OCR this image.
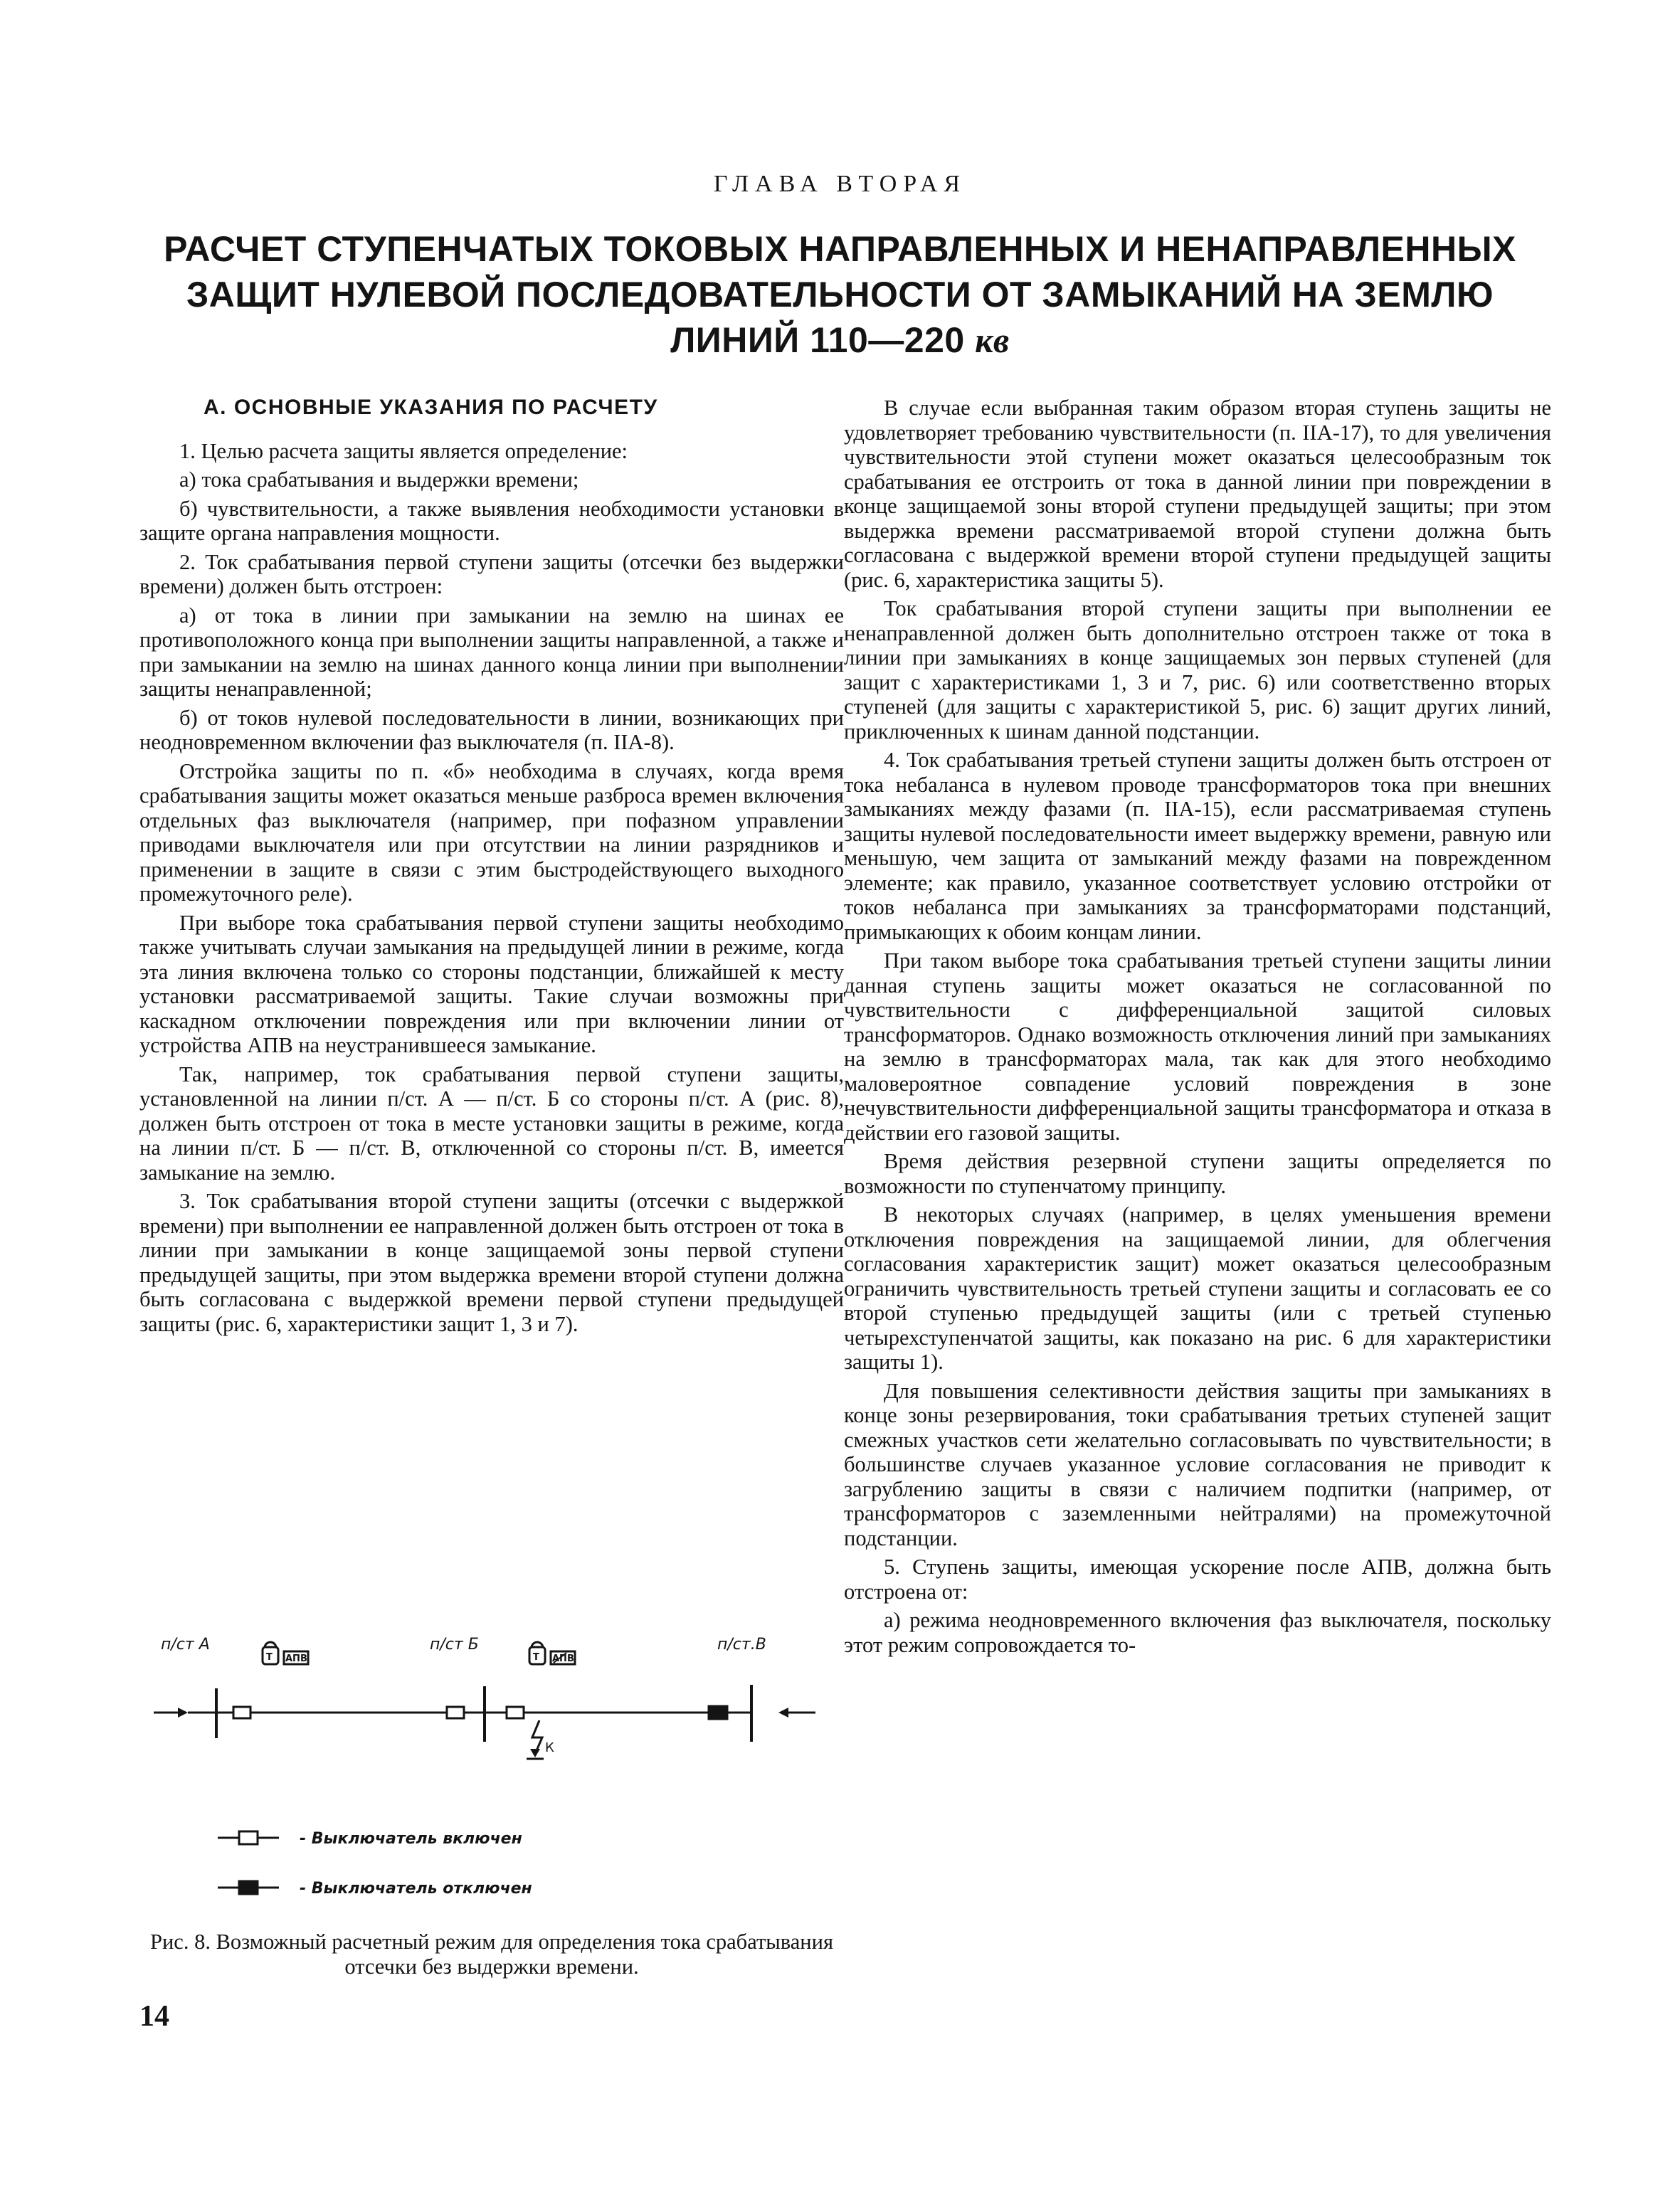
ГЛАВА ВТОРАЯ
РАСЧЕТ СТУПЕНЧАТЫХ ТОКОВЫХ НАПРАВЛЕННЫХ И НЕНАПРАВЛЕННЫХ
ЗАЩИТ НУЛЕВОЙ ПОСЛЕДОВАТЕЛЬНОСТИ ОТ ЗАМЫКАНИЙ НА ЗЕМЛЮ
ЛИНИЙ 110—220 кв
А. ОСНОВНЫЕ УКАЗАНИЯ ПО РАСЧЕТУ

1. Целью расчета защиты является определение:

а) тока срабатывания и выдержки времени;

б) чувствительности, а также выявления необходимости установки в защите органа направления мощности.

2. Ток срабатывания первой ступени защиты (отсечки без выдержки времени) должен быть отстроен:

а) от тока в линии при замыкании на землю на шинах ее противоположного конца при выполнении защиты направленной, а также и при замыкании на землю на шинах данного конца линии при выполнении защиты ненаправленной;

б) от токов нулевой последовательности в линии, возникающих при неодновременном включении фаз выключателя (п. IIA-8).

Отстройка защиты по п. «б» необходима в случаях, когда время срабатывания защиты может оказаться меньше разброса времен включения отдельных фаз выключателя (например, при пофазном управлении приводами выключателя или при отсутствии на линии разрядников и применении в защите в связи с этим быстродействующего выходного промежуточного реле).

При выборе тока срабатывания первой ступени защиты необходимо также учитывать случаи замыкания на предыдущей линии в режиме, когда эта линия включена только со стороны подстанции, ближайшей к месту установки рассматриваемой защиты. Такие случаи возможны при каскадном отключении повреждения или при включении линии от устройства АПВ на неустранившееся замыкание.

Так, например, ток срабатывания первой ступени защиты, установленной на линии п/ст. А — п/ст. Б со стороны п/ст. А (рис. 8), должен быть отстроен от тока в месте установки защиты в режиме, когда на линии п/ст. Б — п/ст. В, отключенной со стороны п/ст. В, имеется замыкание на землю.

3. Ток срабатывания второй ступени защиты (отсечки с выдержкой времени) при выполнении ее направленной должен быть отстроен от тока в линии при замыкании в конце защищаемой зоны первой ступени предыдущей защиты, при этом выдержка времени второй ступени должна быть согласована с выдержкой времени первой ступени предыдущей защиты (рис. 6, характеристики защит 1, 3 и 7).

п/ст А	п/ст Б	п/ст.В
Т АПВ	Т АПВ
К
- Выключатель включен
- Выключатель отключен
Рис. 8. Возможный расчетный режим для определения тока срабатывания отсечки без выдержки времени.

В случае если выбранная таким образом вторая ступень защиты не удовлетворяет требованию чувствительности (п. IIA-17), то для увеличения чувствительности этой ступени может оказаться целесообразным ток срабатывания ее отстроить от тока в данной линии при повреждении в конце защищаемой зоны второй ступени предыдущей защиты; при этом выдержка времени рассматриваемой второй ступени должна быть согласована с выдержкой времени второй ступени предыдущей защиты (рис. 6, характеристика защиты 5).

Ток срабатывания второй ступени защиты при выполнении ее ненаправленной должен быть дополнительно отстроен также от тока в линии при замыканиях в конце защищаемых зон первых ступеней (для защит с характеристиками 1, 3 и 7, рис. 6) или соответственно вторых ступеней (для защиты с характеристикой 5, рис. 6) защит других линий, приключенных к шинам данной подстанции.

4. Ток срабатывания третьей ступени защиты должен быть отстроен от тока небаланса в нулевом проводе трансформаторов тока при внешних замыканиях между фазами (п. IIA-15), если рассматриваемая ступень защиты нулевой последовательности имеет выдержку времени, равную или меньшую, чем защита от замыканий между фазами на поврежденном элементе; как правило, указанное соответствует условию отстройки от токов небаланса при замыканиях за трансформаторами подстанций, примыкающих к обоим концам линии.

При таком выборе тока срабатывания третьей ступени защиты линии данная ступень защиты может оказаться не согласованной по чувствительности с дифференциальной защитой силовых трансформаторов. Однако возможность отключения линий при замыканиях на землю в трансформаторах мала, так как для этого необходимо маловероятное совпадение условий повреждения в зоне нечувствительности дифференциальной защиты трансформатора и отказа в действии его газовой защиты.

Время действия резервной ступени защиты определяется по возможности по ступенчатому принципу.

В некоторых случаях (например, в целях уменьшения времени отключения повреждения на защищаемой линии, для облегчения согласования характеристик защит) может оказаться целесообразным ограничить чувствительность третьей ступени защиты и согласовать ее со второй ступенью предыдущей защиты (или с третьей ступенью четырехступенчатой защиты, как показано на рис. 6 для характеристики защиты 1).

Для повышения селективности действия защиты при замыканиях в конце зоны резервирования, токи срабатывания третьих ступеней защит смежных участков сети желательно согласовывать по чувствительности; в большинстве случаев указанное условие согласования не приводит к загрублению защиты в связи с наличием подпитки (например, от трансформаторов с заземленными нейтралями) на промежуточной подстанции.

5. Ступень защиты, имеющая ускорение после АПВ, должна быть отстроена от:

а) режима неодновременного включения фаз выключателя, поскольку этот режим сопровождается то-

14
